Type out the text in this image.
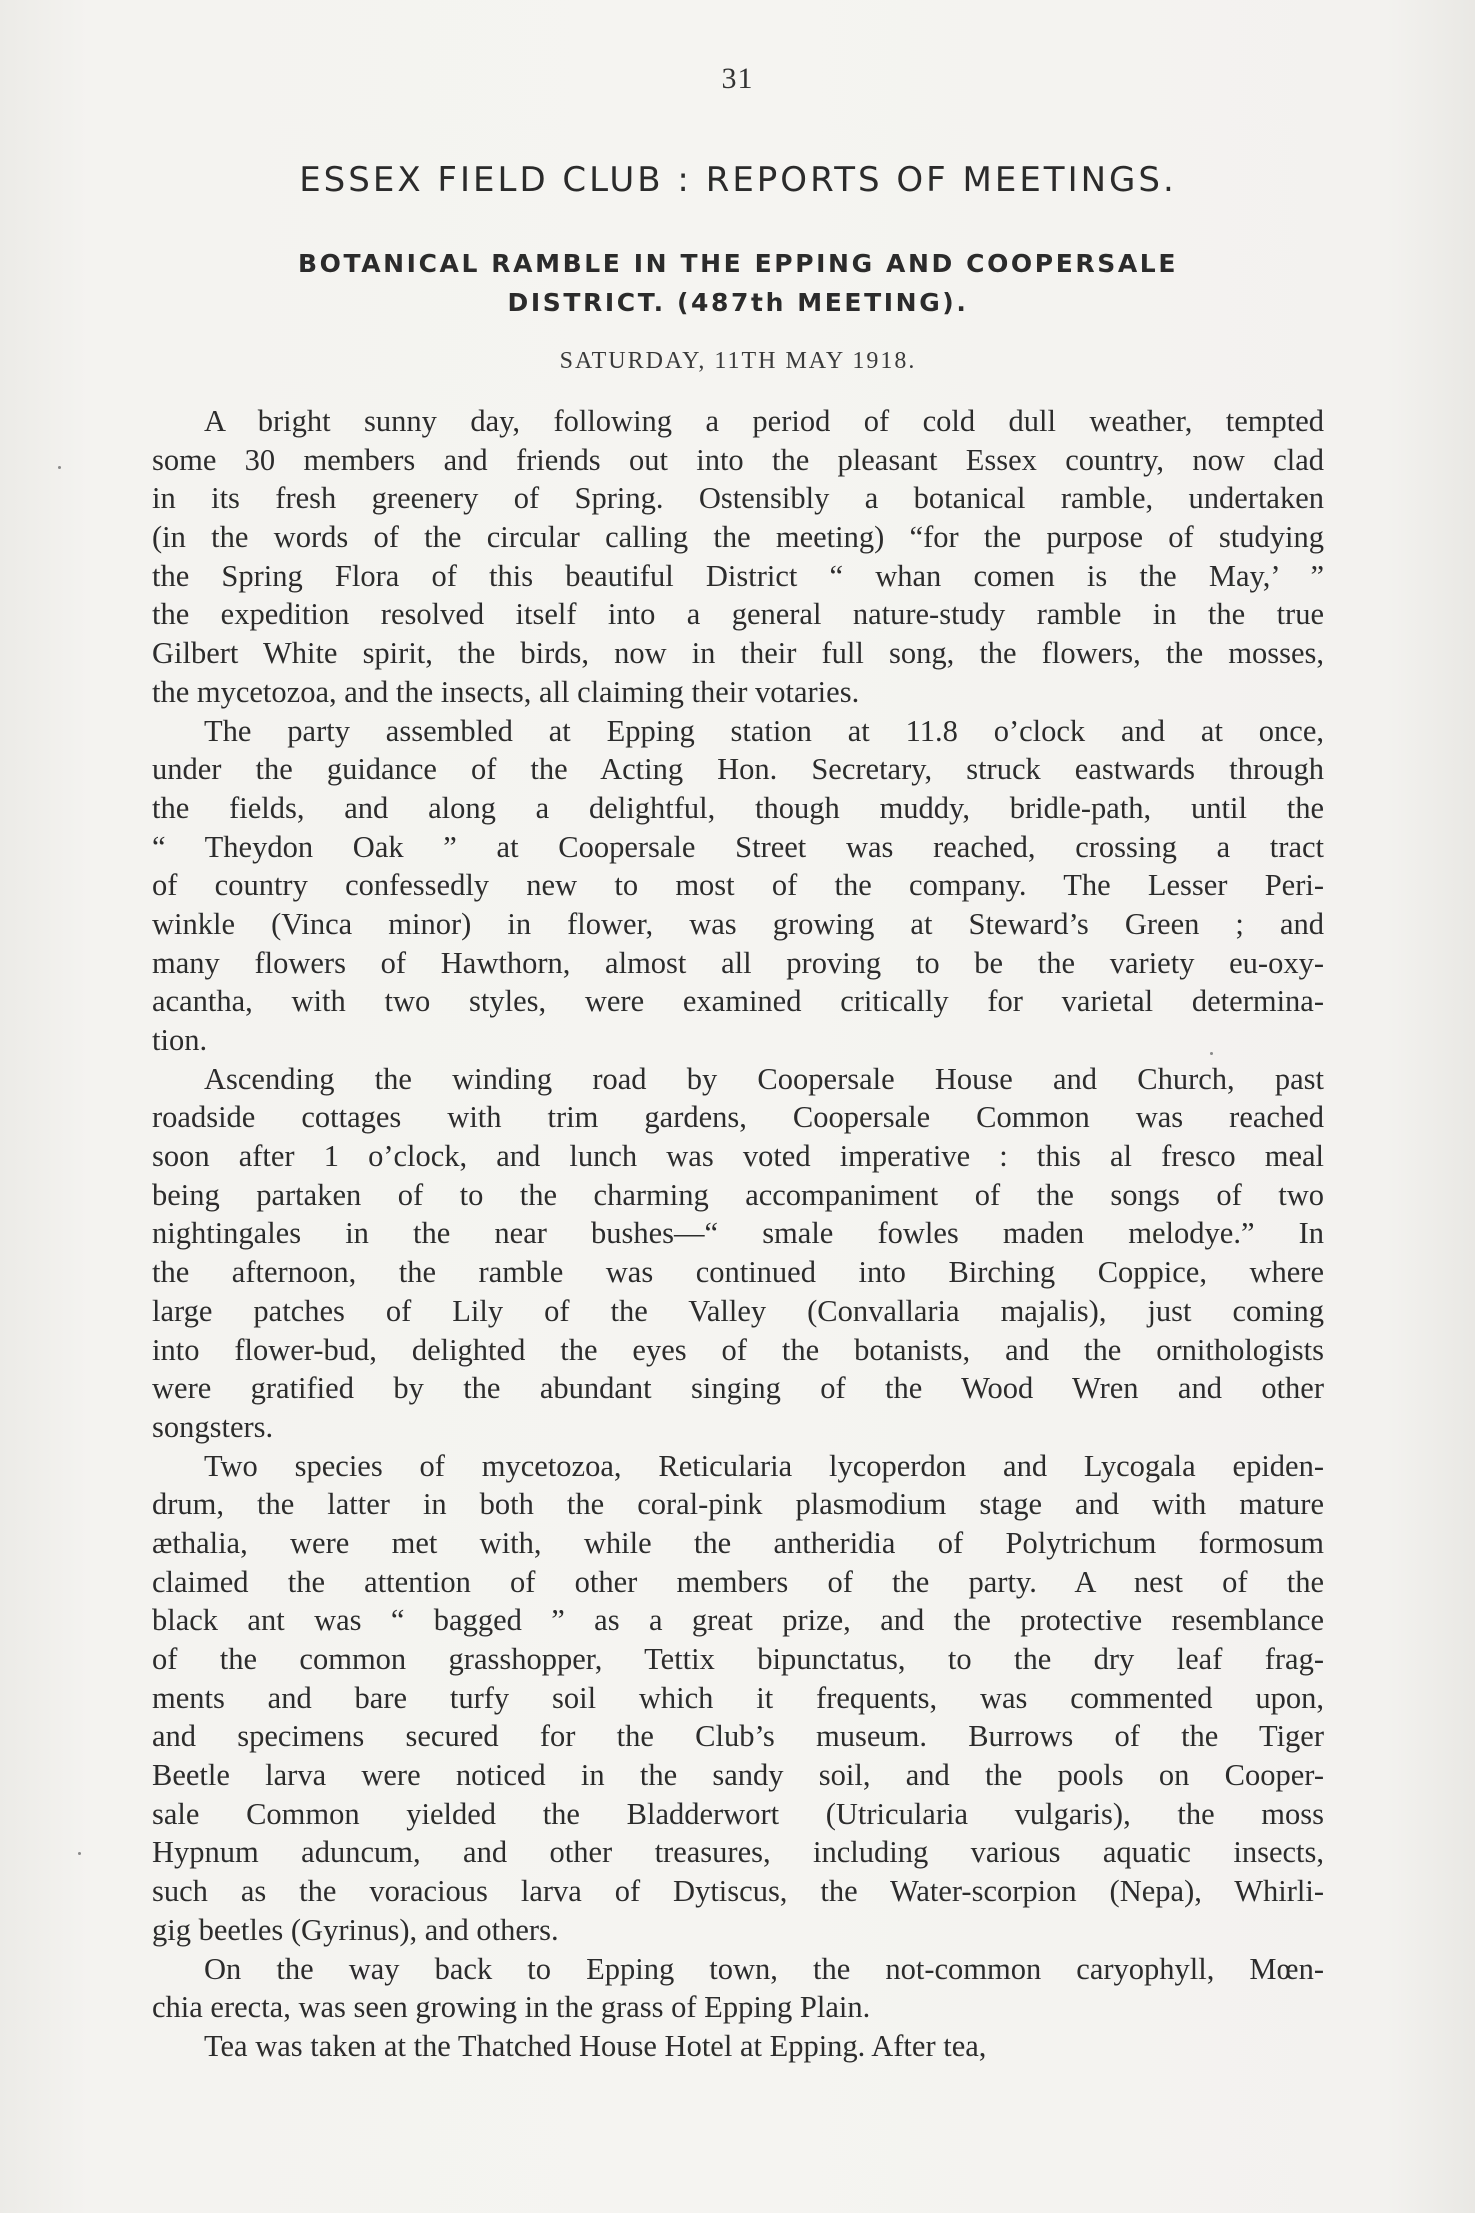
31
ESSEX FIELD CLUB : REPORTS OF MEETINGS.
BOTANICAL RAMBLE IN THE EPPING AND COOPERSALE
DISTRICT. (487th MEETING).
SATURDAY, 11TH MAY 1918.
A bright sunny day, following a period of cold dull weather, tempted
some 30 members and friends out into the pleasant Essex country, now clad
in its fresh greenery of Spring. Ostensibly a botanical ramble, undertaken
(in the words of the circular calling the meeting) “for the purpose of studying
the Spring Flora of this beautiful District “ whan comen is the May,’ ”
the expedition resolved itself into a general nature-study ramble in the true
Gilbert White spirit, the birds, now in their full song, the flowers, the mosses,
the mycetozoa, and the insects, all claiming their votaries.
The party assembled at Epping station at 11.8 o’clock and at once,
under the guidance of the Acting Hon. Secretary, struck eastwards through
the fields, and along a delightful, though muddy, bridle-path, until the
“ Theydon Oak ” at Coopersale Street was reached, crossing a tract
of country confessedly new to most of the company. The Lesser Peri-
winkle (Vinca minor) in flower, was growing at Steward’s Green ; and
many flowers of Hawthorn, almost all proving to be the variety eu-oxy-
acantha, with two styles, were examined critically for varietal determina-
tion.
Ascending the winding road by Coopersale House and Church, past
roadside cottages with trim gardens, Coopersale Common was reached
soon after 1 o’clock, and lunch was voted imperative : this al fresco meal
being partaken of to the charming accompaniment of the songs of two
nightingales in the near bushes—“ smale fowles maden melodye.” In
the afternoon, the ramble was continued into Birching Coppice, where
large patches of Lily of the Valley (Convallaria majalis), just coming
into flower-bud, delighted the eyes of the botanists, and the ornithologists
were gratified by the abundant singing of the Wood Wren and other
songsters.
Two species of mycetozoa, Reticularia lycoperdon and Lycogala epiden-
drum, the latter in both the coral-pink plasmodium stage and with mature
æthalia, were met with, while the antheridia of Polytrichum formosum
claimed the attention of other members of the party. A nest of the
black ant was “ bagged ” as a great prize, and the protective resemblance
of the common grasshopper, Tettix bipunctatus, to the dry leaf frag-
ments and bare turfy soil which it frequents, was commented upon,
and specimens secured for the Club’s museum. Burrows of the Tiger
Beetle larva were noticed in the sandy soil, and the pools on Cooper-
sale Common yielded the Bladderwort (Utricularia vulgaris), the moss
Hypnum aduncum, and other treasures, including various aquatic insects,
such as the voracious larva of Dytiscus, the Water-scorpion (Nepa), Whirli-
gig beetles (Gyrinus), and others.
On the way back to Epping town, the not-common caryophyll, Mœn-
chia erecta, was seen growing in the grass of Epping Plain.
Tea was taken at the Thatched House Hotel at Epping. After tea,
